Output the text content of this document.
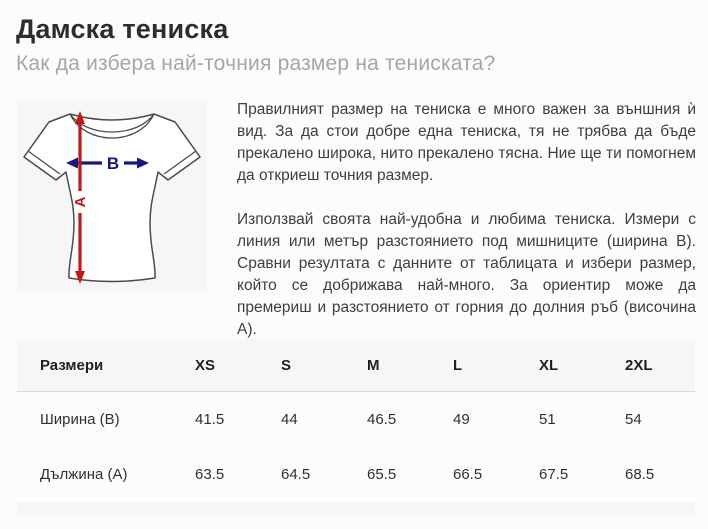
Дамска тениска
Как да избера най-точния размер на тениската?
B
А

Правилният размер на тениска е много важен за външния ѝ вид. За да стои добре една тениска, тя не трябва да бъде прекалено широка, нито прекалено тясна. Ние ще ти помогнем да откриеш точния размер.

Използвай своята най-удобна и любима тениска. Измери с линия или метър разстоянието под мишниците (ширина B). Сравни резултата с данните от таблицата и избери размер, който се добрижава най-много. За ориентир може да премериш и разстоянието от горния до долния ръб (височина A).

Размери	XS	S	M	L	XL	2XL
Ширина (B)	41.5	44	46.5	49	51	54
Дължина (A)	63.5	64.5	65.5	66.5	67.5	68.5
